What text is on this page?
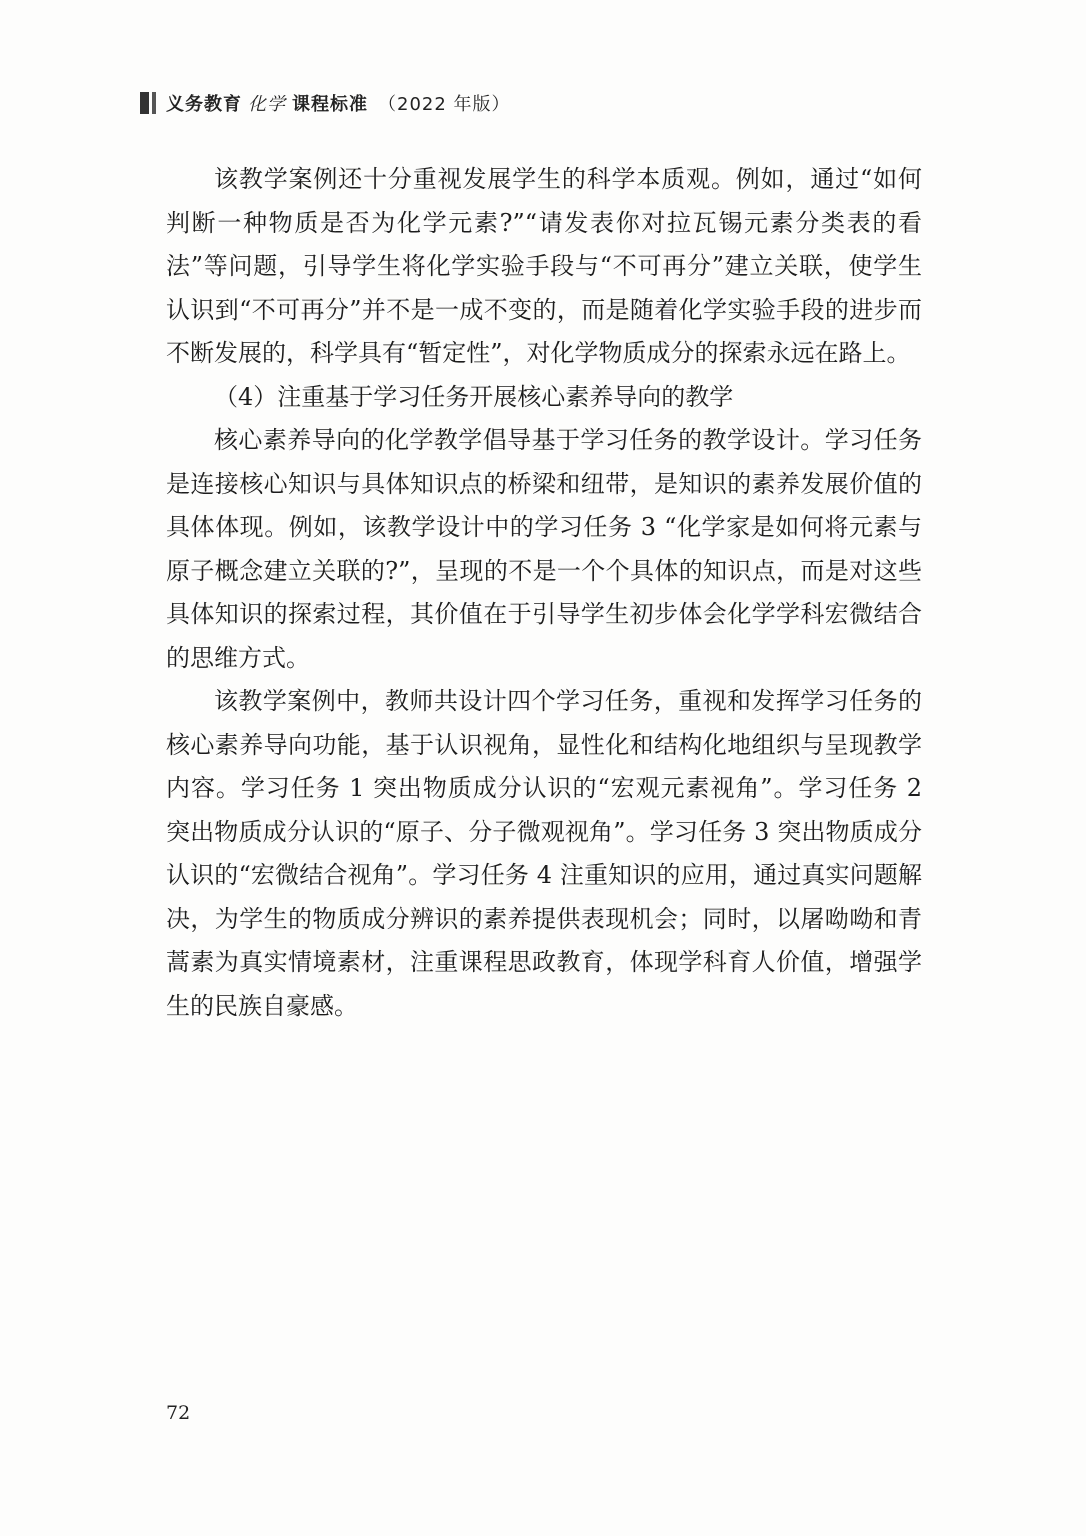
义务教育 化学 课程标准 （2022 年版）

该教学案例还十分重视发展学生的科学本质观。例如，通过“如何判断一种物质是否为化学元素?”“请发表你对拉瓦锡元素分类表的看法”等问题，引导学生将化学实验手段与“不可再分”建立关联，使学生认识到“不可再分”并不是一成不变的，而是随着化学实验手段的进步而不断发展的，科学具有“暂定性”，对化学物质成分的探索永远在路上。

（4）注重基于学习任务开展核心素养导向的教学

核心素养导向的化学教学倡导基于学习任务的教学设计。学习任务是连接核心知识与具体知识点的桥梁和纽带，是知识的素养发展价值的具体体现。例如，该教学设计中的学习任务 3 “化学家是如何将元素与原子概念建立关联的?”，呈现的不是一个个具体的知识点，而是对这些具体知识的探索过程，其价值在于引导学生初步体会化学学科宏微结合的思维方式。

该教学案例中，教师共设计四个学习任务，重视和发挥学习任务的核心素养导向功能，基于认识视角，显性化和结构化地组织与呈现教学内容。学习任务 1 突出物质成分认识的“宏观元素视角”。学习任务 2 突出物质成分认识的“原子、分子微观视角”。学习任务 3 突出物质成分认识的“宏微结合视角”。学习任务 4 注重知识的应用，通过真实问题解决，为学生的物质成分辨识的素养提供表现机会；同时，以屠呦呦和青蒿素为真实情境素材，注重课程思政教育，体现学科育人价值，增强学生的民族自豪感。

72
